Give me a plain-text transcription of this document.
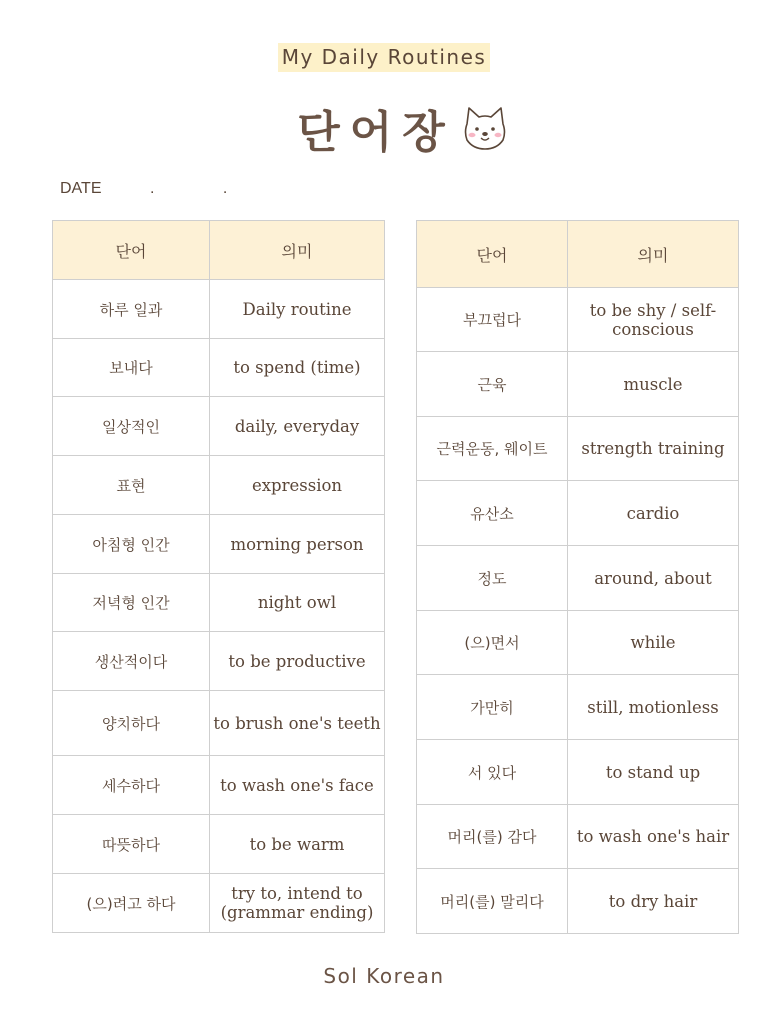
My Daily Routines
단어장
DATE	. .
단어	의미
하루 일과	Daily routine
보내다	to spend (time)
일상적인	daily, everyday
표현	expression
아침형 인간	morning person
저녁형 인간	night owl
생산적이다	to be productive
양치하다	to brush one's teeth
세수하다	to wash one's face
따뜻하다	to be warm
(으)려고 하다	try to, intend to (grammar ending)
단어	의미
부끄럽다	to be shy / self-conscious
근육	muscle
근력운동, 웨이트	strength training
유산소	cardio
정도	around, about
(으)면서	while
가만히	still, motionless
서 있다	to stand up
머리(를) 감다	to wash one's hair
머리(를) 말리다	to dry hair
Sol Korean
